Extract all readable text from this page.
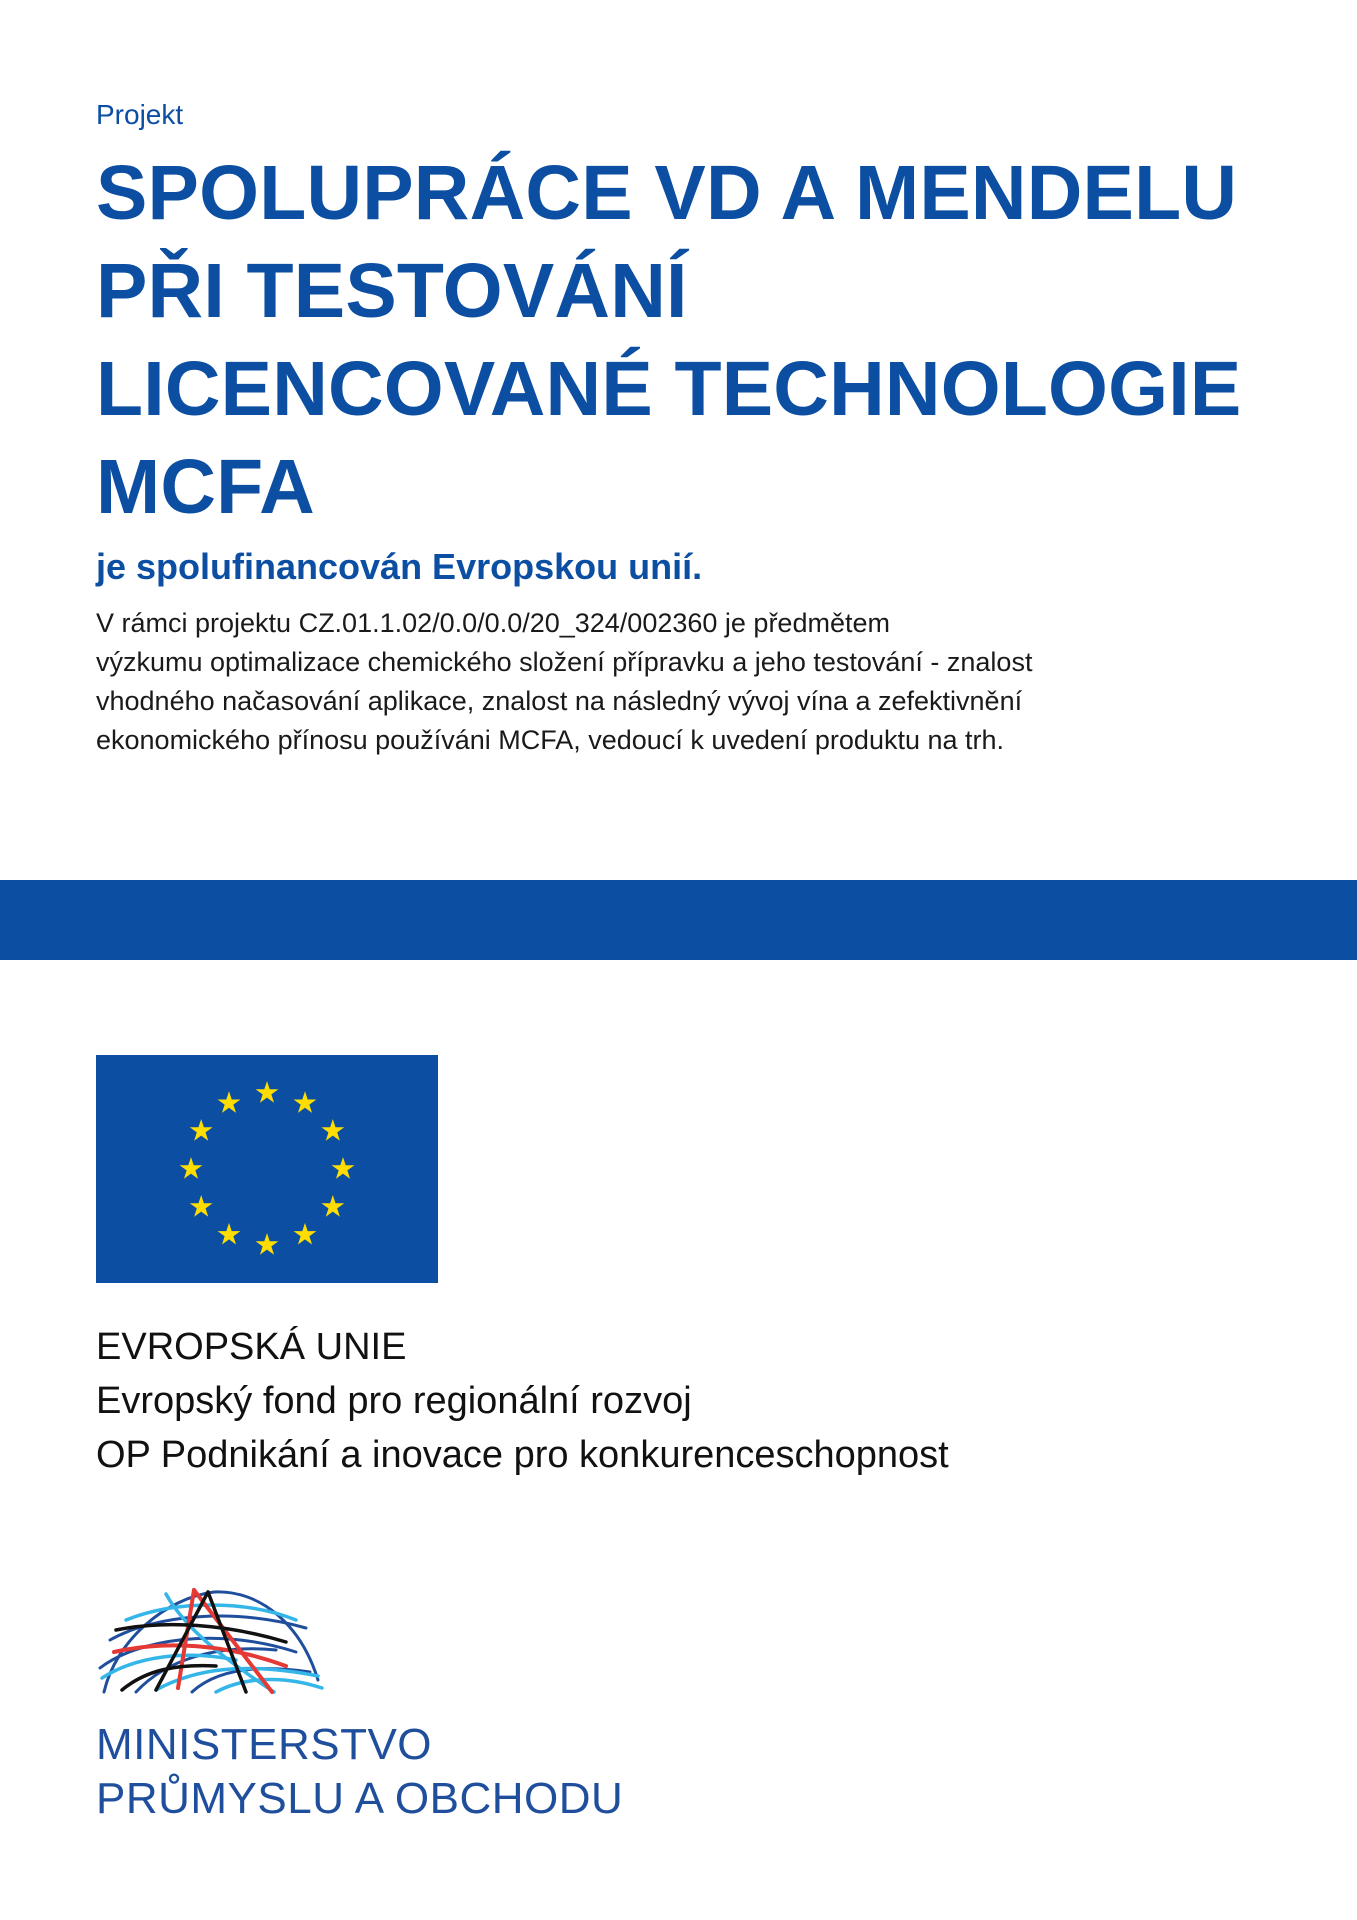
Projekt

SPOLUPRÁCE VD A MENDELU
PŘI TESTOVÁNÍ
LICENCOVANÉ TECHNOLOGIE
MCFA

je spolufinancován Evropskou unií.

V rámci projektu CZ.01.1.02/0.0/0.0/20_324/002360 je předmětem
výzkumu optimalizace chemického složení přípravku a jeho testování - znalost
vhodného načasování aplikace, znalost na následný vývoj vína a zefektivnění
ekonomického přínosu používáni MCFA, vedoucí k uvedení produktu na trh.

EVROPSKÁ UNIE
Evropský fond pro regionální rozvoj
OP Podnikání a inovace pro konkurenceschopnost

MINISTERSTVO
PRŮMYSLU A OBCHODU
